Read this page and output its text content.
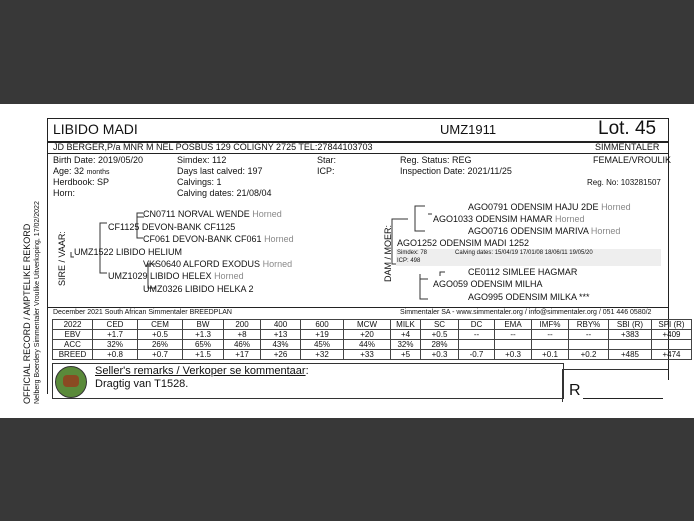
OFFICIAL RECORD / AMPTELIKE REKORD Nelberg Boerdery Simmentaler Vroulike Uitverkoping, 17/02/2022
LIBIDO MADI	UMZ1911	Lot. 45
JD BERGER,P/a MNR M NEL POSBUS 129 COLIGNY 2725 TEL:27844103703	SIMMENTALER
Birth Date: 2019/05/20
Age: 32 months
Herdbook: SP
Horn:
Simdex: 112
Days last calved: 197
Calvings: 1
Calving dates: 21/08/04
Star:
ICP:
Reg. Status: REG
Inspection Date: 2021/11/25
FEMALE/VROULIK
Reg. No: 103281507
SIRE / VAAR:
CN0711 NORVAL WENDE Horned
CF1125 DEVON-BANK CF1125
CF061 DEVON-BANK CF061 Horned
UMZ1522 LIBIDO HELIUM
VKS0640 ALFORD EXODUS Horned
UMZ1029 LIBIDO HELEX Horned
UMZ0326 LIBIDO HELKA 2
DAM / MOER:
AGO0791 ODENSIM HAJU 2DE Horned
AGO1033 ODENSIM HAMAR Horned
AGO0716 ODENSIM MARIVA Horned
AGO1252 ODENSIM MADI 1252
Simdex: 78
ICP: 498
Calving dates: 15/04/19 17/01/08 18/06/11 19/05/20
CE0112 SIMLEE HAGMAR
AGO059 ODENSIM MILHA
AGO995 ODENSIM MILKA ***
December 2021 South African Simmentaler BREEDPLAN	Simmentaler SA - www.simmentaler.org / info@simmentaler.org / 051 446 0580/2
2022	CED	CEM	BW	200	400	600	MCW	MILK	SC	DC	EMA	IMF%	RBY%	SBI (R)	SPI (R)
EBV	+1.7	+0.5	+1.3	+8	+13	+19	+20	+4	+0.5	--	--	--	--	+383	+409
ACC	32%	26%	65%	46%	43%	45%	44%	32%	28%						
BREED	+0.8	+0.7	+1.5	+17	+26	+32	+33	+5	+0.3	-0.7	+0.3	+0.1	+0.2	+485	+474
Seller's remarks / Verkoper se kommentaar:
Dragtig van T1528.	R
